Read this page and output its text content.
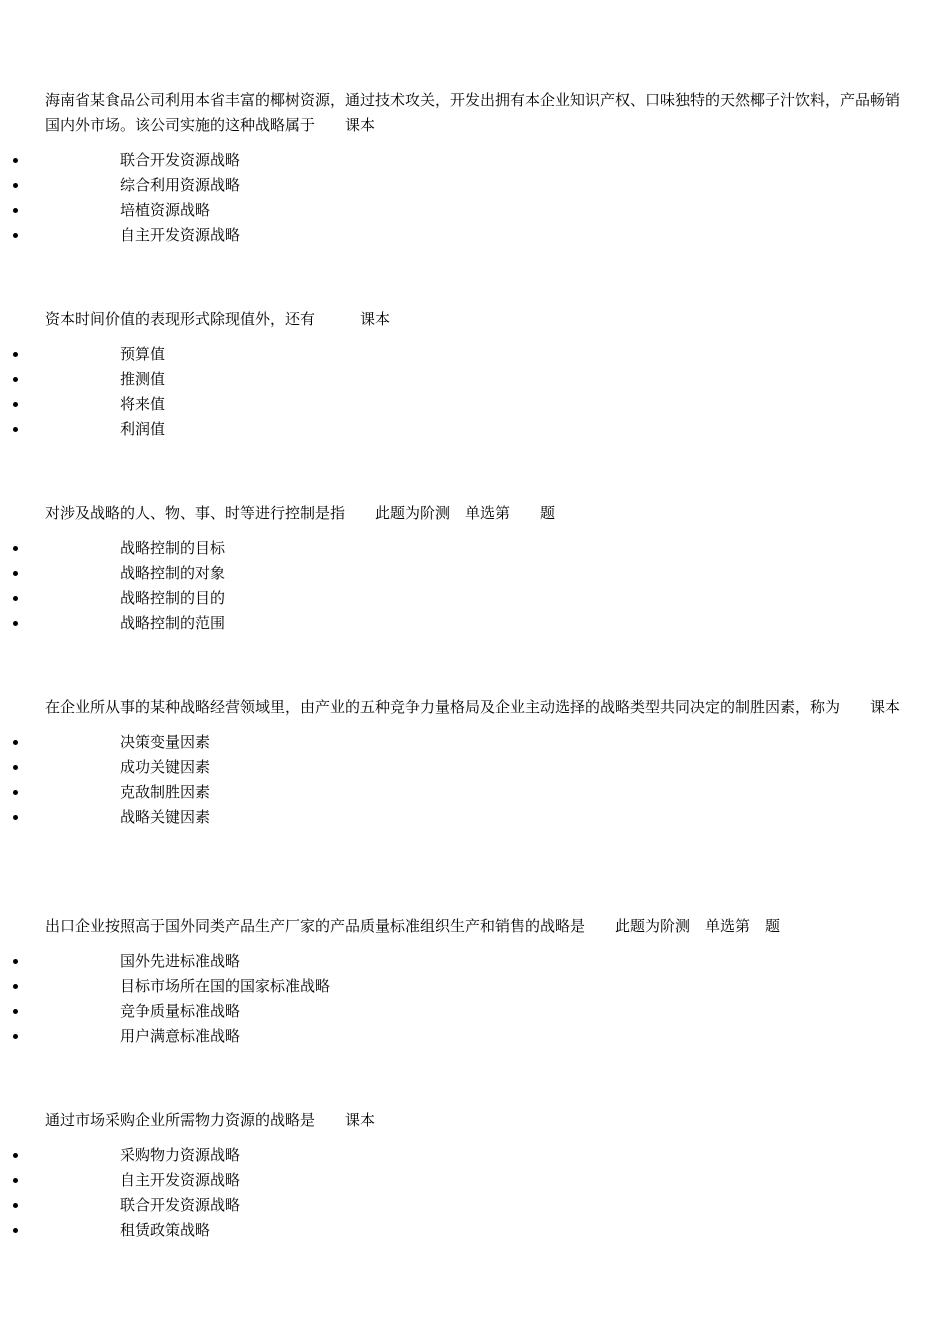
海南省某食品公司利用本省丰富的椰树资源，通过技术攻关，开发出拥有本企业知识产权、口味独特的天然椰子汁饮料，产品畅销国内外市场。该公司实施的这种战略属于　　课本

联合开发资源战略
综合利用资源战略
培植资源战略
自主开发资源战略

资本时间价值的表现形式除现值外，还有　　　课本

预算值
推测值
将来值
利润值

对涉及战略的人、物、事、时等进行控制是指　　此题为阶测　单选第　　题

战略控制的目标
战略控制的对象
战略控制的目的
战略控制的范围

在企业所从事的某种战略经营领域里，由产业的五种竞争力量格局及企业主动选择的战略类型共同决定的制胜因素，称为　　课本

决策变量因素
成功关键因素
克敌制胜因素
战略关键因素

出口企业按照高于国外同类产品生产厂家的产品质量标准组织生产和销售的战略是　　此题为阶测　单选第　题

国外先进标准战略
目标市场所在国的国家标准战略
竞争质量标准战略
用户满意标准战略

通过市场采购企业所需物力资源的战略是　　课本

采购物力资源战略
自主开发资源战略
联合开发资源战略
租赁政策战略
